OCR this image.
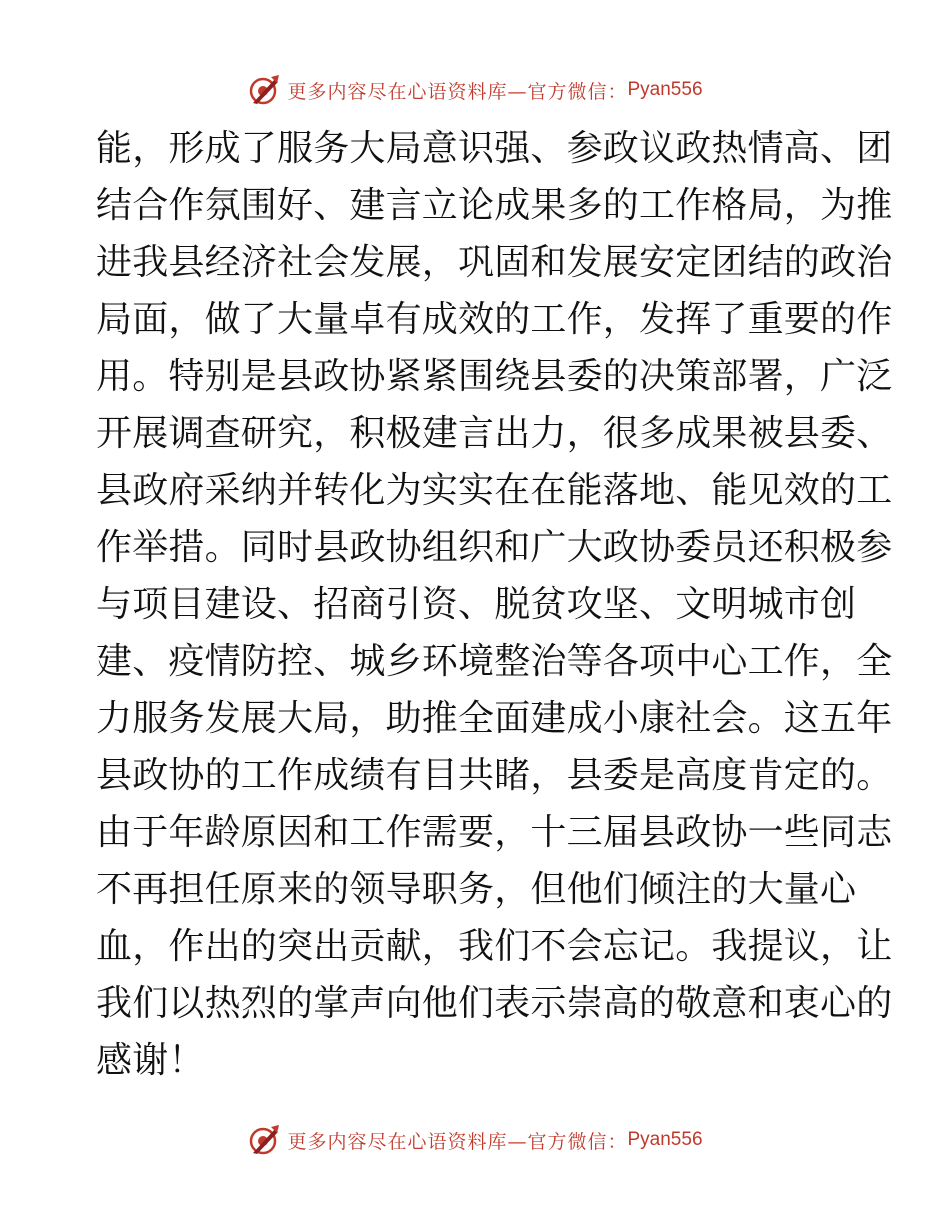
更多内容尽在心语资料库—官方微信： Pyan556
能，形成了服务大局意识强、参政议政热情高、团
结合作氛围好、建言立论成果多的工作格局，为推
进我县经济社会发展，巩固和发展安定团结的政治
局面，做了大量卓有成效的工作，发挥了重要的作
用。特别是县政协紧紧围绕县委的决策部署，广泛
开展调查研究，积极建言出力，很多成果被县委、
县政府采纳并转化为实实在在能落地、能见效的工
作举措。同时县政协组织和广大政协委员还积极参
与项目建设、招商引资、脱贫攻坚、文明城市创
建、疫情防控、城乡环境整治等各项中心工作，全
力服务发展大局，助推全面建成小康社会。这五年
县政协的工作成绩有目共睹，县委是高度肯定的。
由于年龄原因和工作需要，十三届县政协一些同志
不再担任原来的领导职务，但他们倾注的大量心
血，作出的突出贡献，我们不会忘记。我提议，让
我们以热烈的掌声向他们表示崇高的敬意和衷心的
感谢！
更多内容尽在心语资料库—官方微信： Pyan556
